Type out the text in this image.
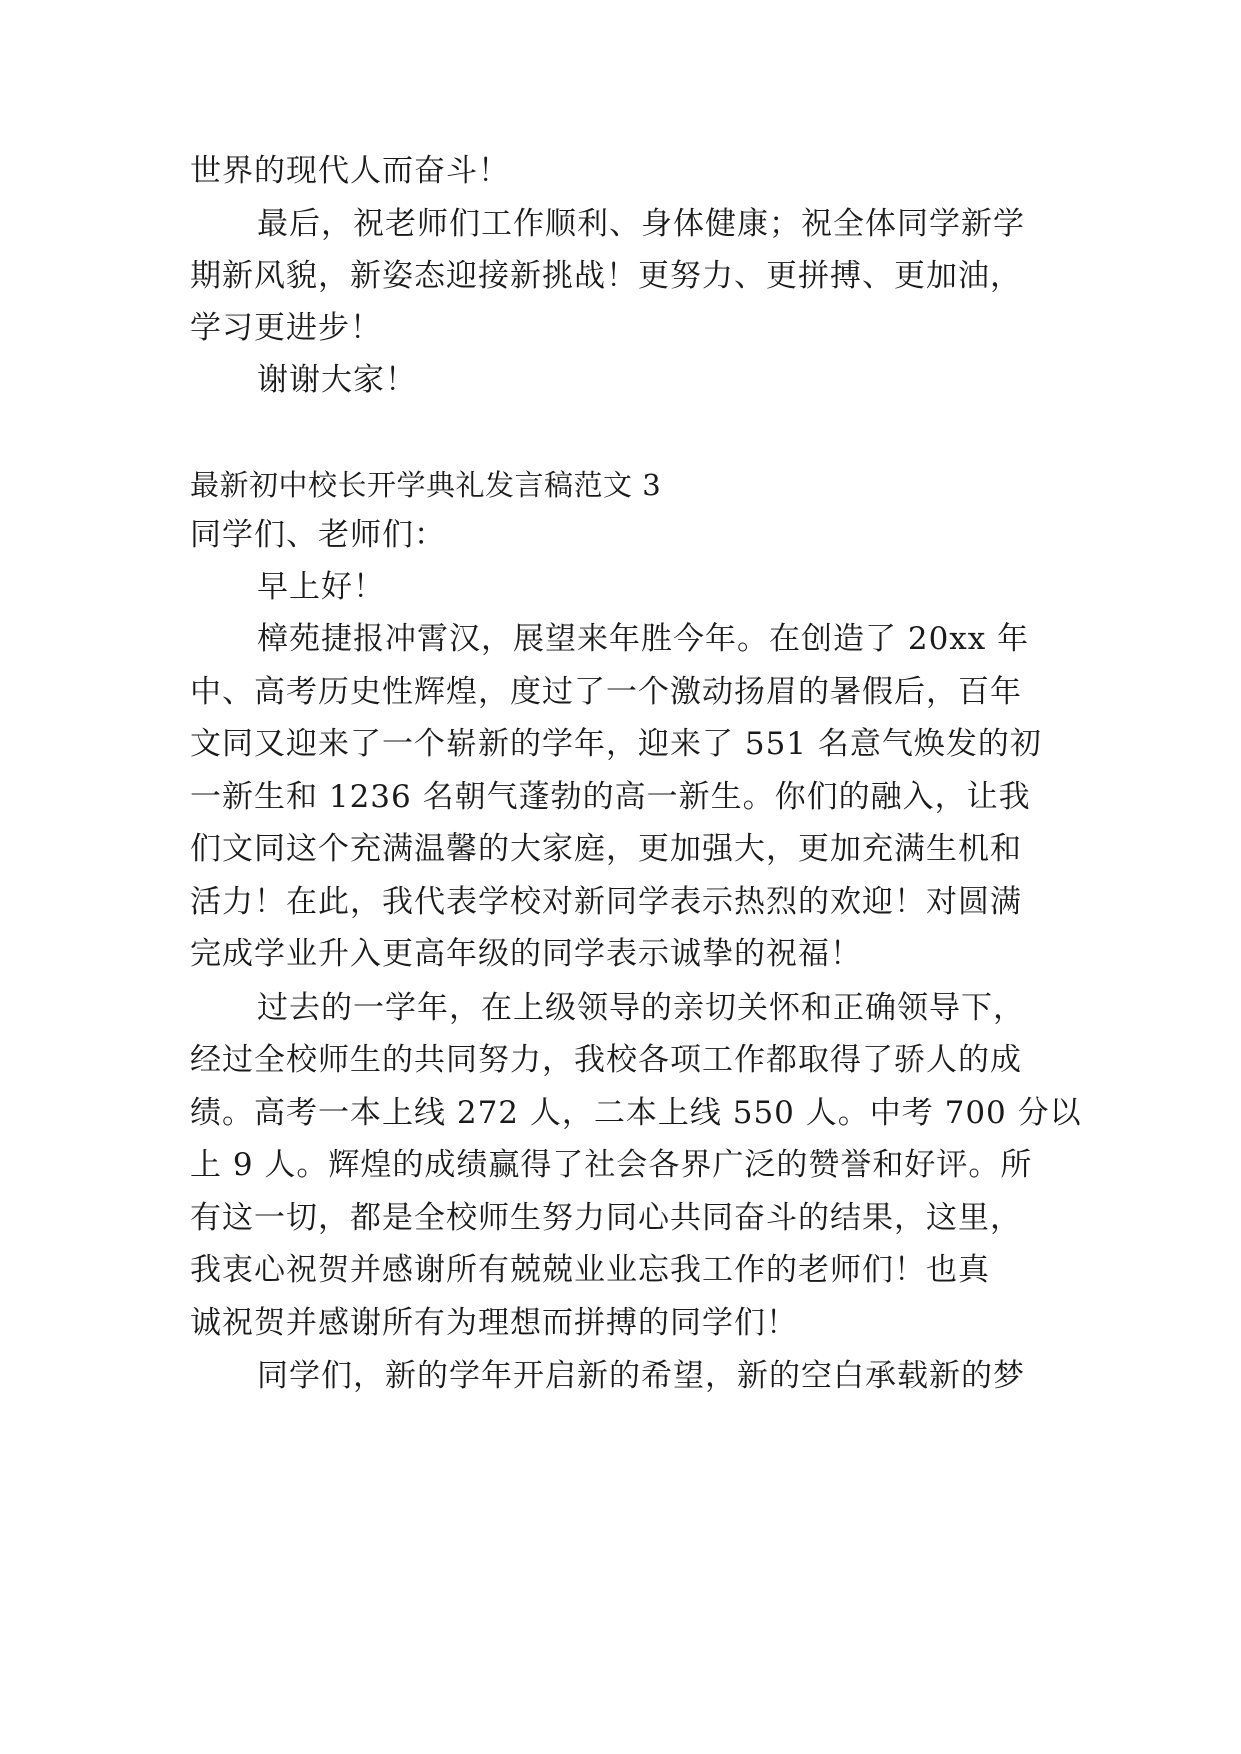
世界的现代人而奋斗！
最后，祝老师们工作顺利、身体健康；祝全体同学新学
期新风貌，新姿态迎接新挑战！更努力、更拼搏、更加油，
学习更进步！
谢谢大家！
最新初中校长开学典礼发言稿范文 3
同学们、老师们：
早上好！
樟苑捷报冲霄汉，展望来年胜今年。在创造了 20xx 年
中、高考历史性辉煌，度过了一个激动扬眉的暑假后，百年
文同又迎来了一个崭新的学年，迎来了 551 名意气焕发的初
一新生和 1236 名朝气蓬勃的高一新生。你们的融入，让我
们文同这个充满温馨的大家庭，更加强大，更加充满生机和
活力！在此，我代表学校对新同学表示热烈的欢迎！对圆满
完成学业升入更高年级的同学表示诚挚的祝福！
过去的一学年，在上级领导的亲切关怀和正确领导下，
经过全校师生的共同努力，我校各项工作都取得了骄人的成
绩。高考一本上线 272 人，二本上线 550 人。中考 700 分以
上 9 人。辉煌的成绩赢得了社会各界广泛的赞誉和好评。所
有这一切，都是全校师生努力同心共同奋斗的结果，这里，
我衷心祝贺并感谢所有兢兢业业忘我工作的老师们！也真
诚祝贺并感谢所有为理想而拼搏的同学们！
同学们，新的学年开启新的希望，新的空白承载新的梦
